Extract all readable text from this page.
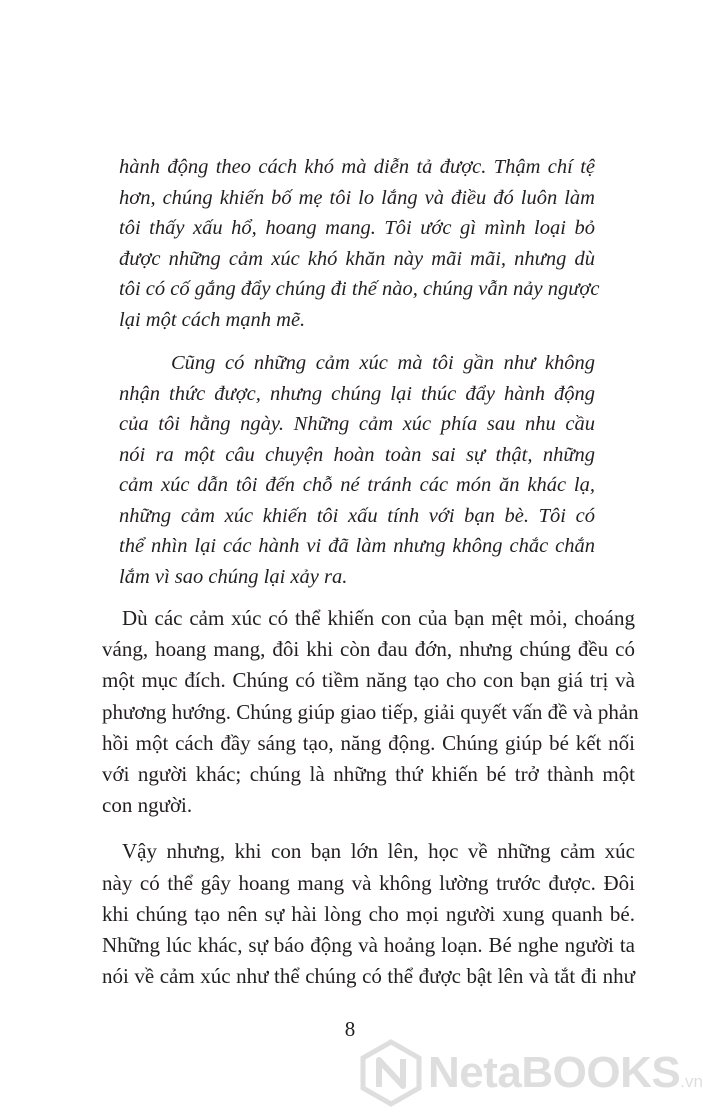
hành động theo cách khó mà diễn tả được. Thậm chí tệ
hơn, chúng khiến bố mẹ tôi lo lắng và điều đó luôn làm
tôi thấy xấu hổ, hoang mang. Tôi ước gì mình loại bỏ
được những cảm xúc khó khăn này mãi mãi, nhưng dù
tôi có cố gắng đẩy chúng đi thế nào, chúng vẫn nảy ngược
lại một cách mạnh mẽ.
Cũng có những cảm xúc mà tôi gần như không
nhận thức được, nhưng chúng lại thúc đẩy hành động
của tôi hằng ngày. Những cảm xúc phía sau nhu cầu
nói ra một câu chuyện hoàn toàn sai sự thật, những
cảm xúc dẫn tôi đến chỗ né tránh các món ăn khác lạ,
những cảm xúc khiến tôi xấu tính với bạn bè. Tôi có
thể nhìn lại các hành vi đã làm nhưng không chắc chắn
lắm vì sao chúng lại xảy ra.
Dù các cảm xúc có thể khiến con của bạn mệt mỏi, choáng
váng, hoang mang, đôi khi còn đau đớn, nhưng chúng đều có
một mục đích. Chúng có tiềm năng tạo cho con bạn giá trị và
phương hướng. Chúng giúp giao tiếp, giải quyết vấn đề và phản
hồi một cách đầy sáng tạo, năng động. Chúng giúp bé kết nối
với người khác; chúng là những thứ khiến bé trở thành một
con người.
Vậy nhưng, khi con bạn lớn lên, học về những cảm xúc
này có thể gây hoang mang và không lường trước được. Đôi
khi chúng tạo nên sự hài lòng cho mọi người xung quanh bé.
Những lúc khác, sự báo động và hoảng loạn. Bé nghe người ta
nói về cảm xúc như thể chúng có thể được bật lên và tắt đi như
8
NetaBOOKS.vn
